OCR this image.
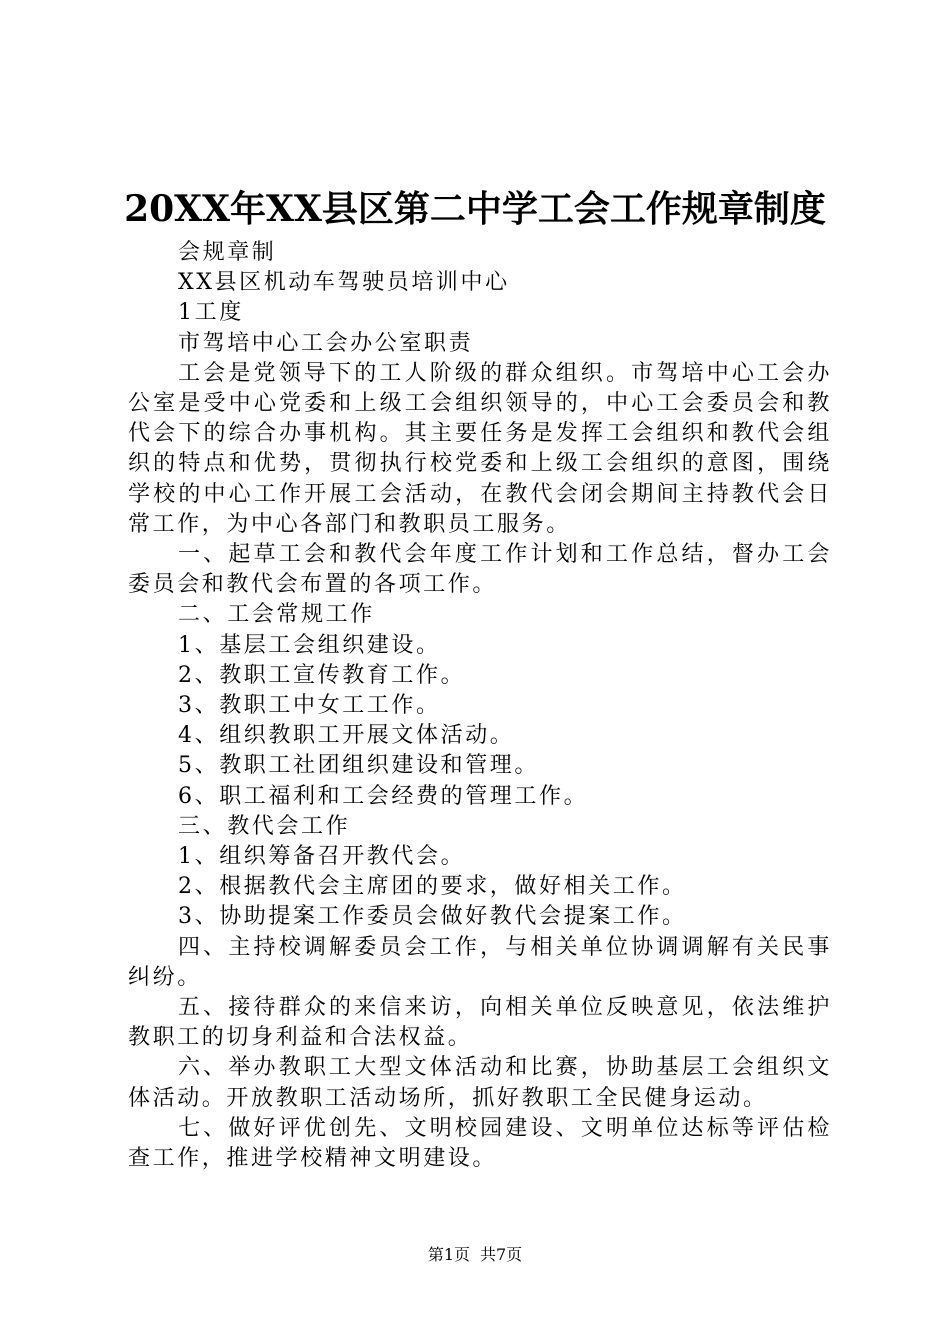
20XX年XX县区第二中学工会工作规章制度

会规章制

XX县区机动车驾驶员培训中心

1工度

市驾培中心工会办公室职责

工会是党领导下的工人阶级的群众组织。市驾培中心工会办公室是受中心党委和上级工会组织领导的，中心工会委员会和教代会下的综合办事机构。其主要任务是发挥工会组织和教代会组织的特点和优势，贯彻执行校党委和上级工会组织的意图，围绕学校的中心工作开展工会活动，在教代会闭会期间主持教代会日常工作，为中心各部门和教职员工服务。

一、起草工会和教代会年度工作计划和工作总结，督办工会委员会和教代会布置的各项工作。

二、工会常规工作

1、基层工会组织建设。

2、教职工宣传教育工作。

3、教职工中女工工作。

4、组织教职工开展文体活动。

5、教职工社团组织建设和管理。

6、职工福利和工会经费的管理工作。

三、教代会工作

1、组织筹备召开教代会。

2、根据教代会主席团的要求，做好相关工作。

3、协助提案工作委员会做好教代会提案工作。

四、主持校调解委员会工作，与相关单位协调调解有关民事纠纷。

五、接待群众的来信来访，向相关单位反映意见，依法维护教职工的切身利益和合法权益。

六、举办教职工大型文体活动和比赛，协助基层工会组织文体活动。开放教职工活动场所，抓好教职工全民健身运动。

七、做好评优创先、文明校园建设、文明单位达标等评估检查工作，推进学校精神文明建设。

第1页 共7页
